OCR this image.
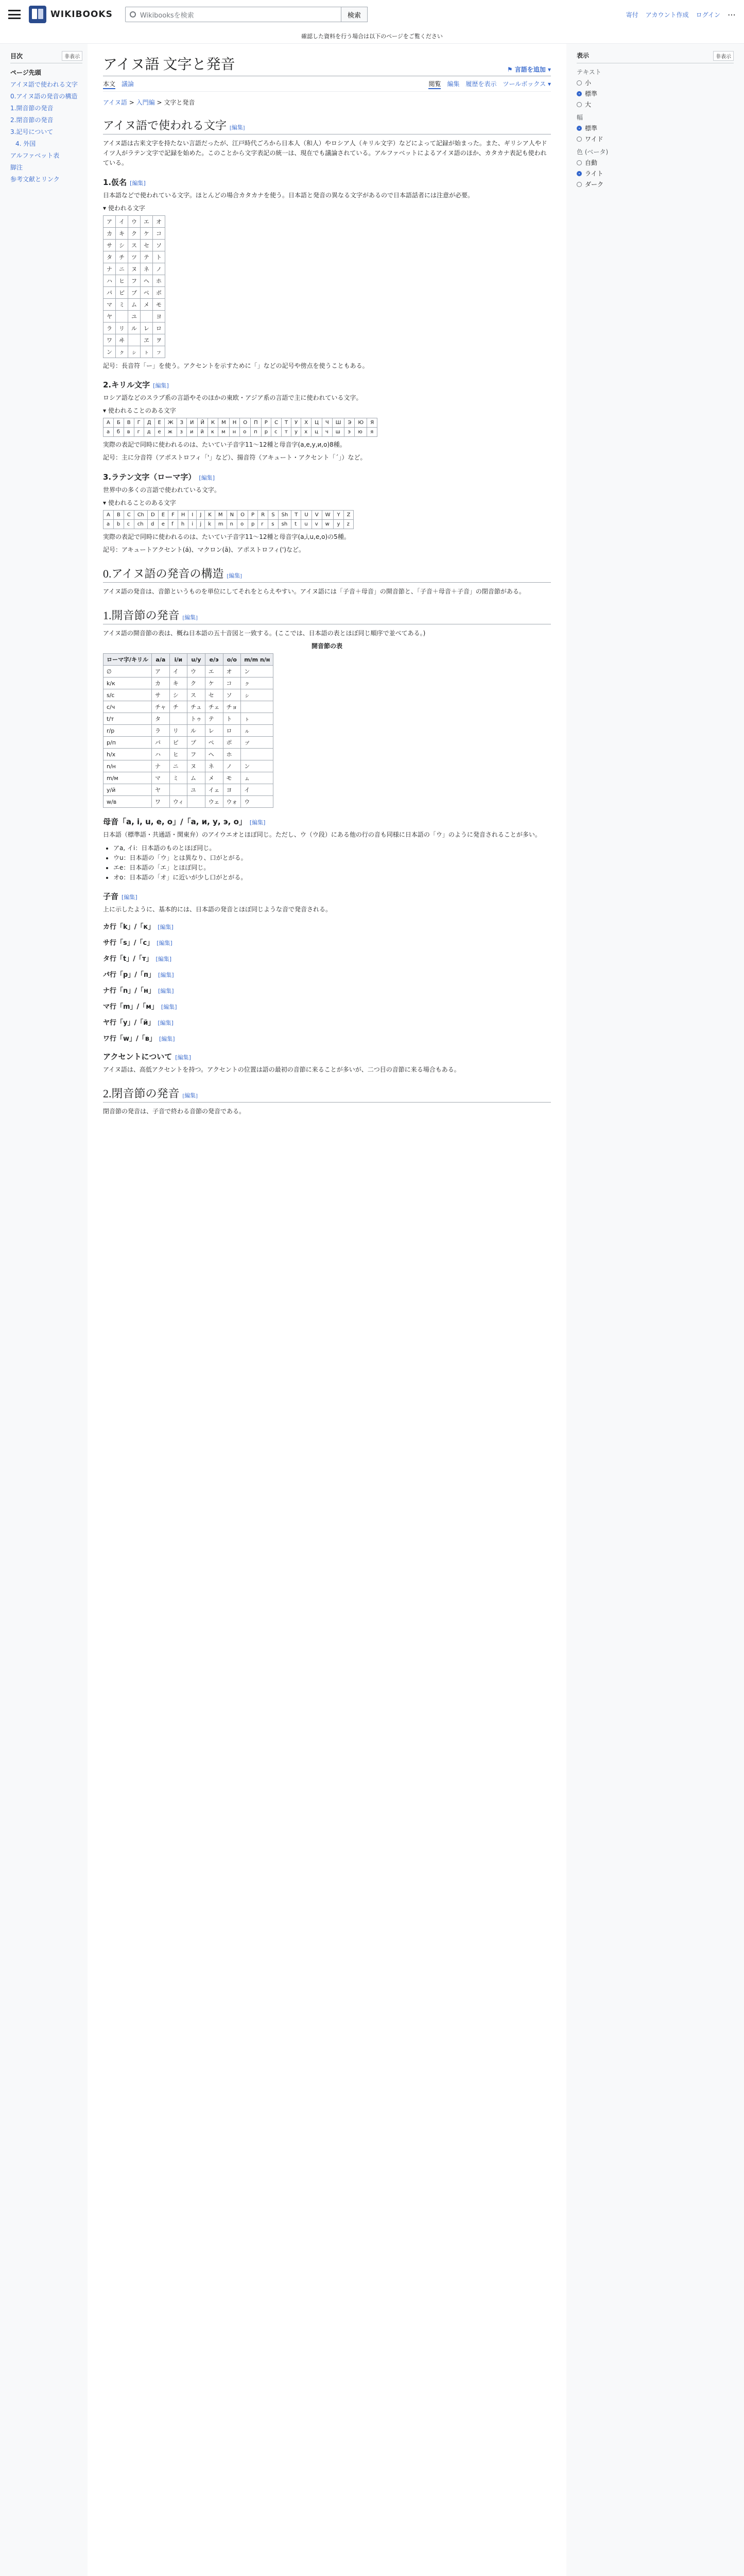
WIKIBOOKS	Wikibooksを検索	検索	寄付 アカウント作成 ログイン ⋯
確認した資料を行う場合は以下のページをご覧ください
目次	非表示
ページ先頭
アイヌ語で使われる文字
0.アイヌ語の発音の構造
1.開音節の発音
2.閉音節の発音
3.記号について
4. 外国
アルファベット表
脚注
参考文献とリンク
アイヌ語 文字と発音	⚑ 言語を追加 ▾
本文 議論	閲覧 編集 履歴を表示 ツールボックス ▾
アイヌ語 > 入門編 > 文字と発音
アイヌ語で使われる文字 [編集]

アイヌ語は古来文字を持たない言語だったが、江戸時代ごろから日本人（和人）やロシア人（キリル文字）などによって記録が始まった。また、ギリシア人やドイツ人がラテン文字で記録を始めた。このことから文字表記の統一は、現在でも議論されている。アルファベットによるアイヌ語のほか、カタカナ表記も使われている。

1.仮名 [編集]

日本語などで使われている文字。ほとんどの場合カタカナを使う。日本語と発音の異なる文字があるので日本語話者には注意が必要。

▾ 使われる文字
ア	イ	ウ	エ	オ
カ	キ	ク	ケ	コ
サ	シ	ス	セ	ソ
タ	チ	ツ	テ	ト
ナ	ニ	ヌ	ネ	ノ
ハ	ヒ	フ	ヘ	ホ
パ	ピ	プ	ペ	ポ
マ	ミ	ム	メ	モ
ヤ		ユ		ヨ
ラ	リ	ル	レ	ロ
ワ	ヰ		ヱ	ヲ
ン	ㇰ	ㇱ	ㇳ	ㇷ

記号：長音符「ー」を使う。アクセントを示すために「」などの記号や傍点を使うこともある。

2.キリル文字 [編集]

ロシア語などのスラブ系の言語やそのほかの東欧・アジア系の言語で主に使われている文字。

▾ 使われることのある文字
А	Б	В	Г	Д	Е	Ж	З	И	Й	К	М	Н	О	П	Р	С	Т	У	Х	Ц	Ч	Ш	Э	Ю	Я
а	б	в	г	д	е	ж	з	и	й	к	м	н	о	п	р	с	т	у	х	ц	ч	ш	э	ю	я

実際の表記で同時に使われるのは、たいてい子音字11〜12種と母音字(a,e,y,и,о)8種。

記号：主に分音符（アポストロフィ「'」など）、揚音符（アキュート・アクセント「´」）など。

3.ラテン文字（ローマ字） [編集]

世界中の多くの言語で使われている文字。

▾ 使われることのある文字
A	B	C	Ch	D	E	F	H	I	J	K	M	N	O	P	R	S	Sh	T	U	V	W	Y	Z
a	b	c	ch	d	e	f	h	i	j	k	m	n	o	p	r	s	sh	t	u	v	w	y	z

実際の表記で同時に使われるのは、たいてい子音字11〜12種と母音字(a,i,u,e,o)の5種。

記号：アキュートアクセント(á)、マクロン(ā)、アポストロフィ(')など。

0.アイヌ語の発音の構造 [編集]

アイヌ語の発音は、音節というものを単位にしてそれをとらえやすい。アイヌ語には「子音＋母音」の開音節と、「子音＋母音＋子音」の閉音節がある。

1.開音節の発音 [編集]

アイヌ語の開音節の表は、概ね日本語の五十音図と一致する。(ここでは、日本語の表とほぼ同じ順序で並べてある。)

開音節の表
ローマ字/キリル	a/a	i/и	u/y	e/э	o/o	m/m n/н
∅	ア	イ	ウ	エ	オ	ン
k/к	カ	キ	ク	ケ	コ	ㇰ
s/c	サ	シ	ス	セ	ソ	ㇱ
c/ч	チャ	チ	チュ	チェ	チョ	
t/т	タ		トゥ	テ	ト	ㇳ
r/p	ラ	リ	ル	レ	ロ	ㇽ
p/п	パ	ピ	プ	ペ	ポ	ㇷ゚
h/х	ハ	ヒ	フ	ヘ	ホ	
n/н	ナ	ニ	ヌ	ネ	ノ	ン
m/м	マ	ミ	ム	メ	モ	ㇺ
y/й	ヤ		ユ	イェ	ヨ	イ
w/в	ワ	ウィ		ウェ	ウォ	ウ
母音「a, i, u, e, o」/「а, и, у, э, о」 [編集]

日本語（標準語・共通語・関東弁）のアイウエオとほぼ同じ。ただし、ウ（ウ段）にある他の行の音も同様に日本語の「ウ」のように発音されることが多い。

• アa, イi：日本語のものとほぼ同じ。
• ウu：日本語の「ウ」とは異なり、口がとがる。
• エe：日本語の「エ」とほぼ同じ。
• オo：日本語の「オ」に近いが少し口がとがる。
子音 [編集]

上に示したように、基本的には、日本語の発音とほぼ同じような音で発音される。

カ行「k」/「к」 [編集]
サ行「s」/「c」 [編集]
タ行「t」/「т」 [編集]
パ行「p」/「п」 [編集]
ナ行「n」/「н」 [編集]
マ行「m」/「м」 [編集]
ヤ行「y」/「й」 [編集]
ワ行「w」/「в」 [編集]
アクセントについて [編集]

アイヌ語は、高低アクセントを持つ。アクセントの位置は語の最初の音節に来ることが多いが、二つ目の音節に来る場合もある。

2.閉音節の発音 [編集]

閉音節の発音は、子音で終わる音節の発音である。

表示	非表示
テキスト
小
標準
大
幅
標準
ワイド
色 (ベータ)
自動
ライト
ダーク
